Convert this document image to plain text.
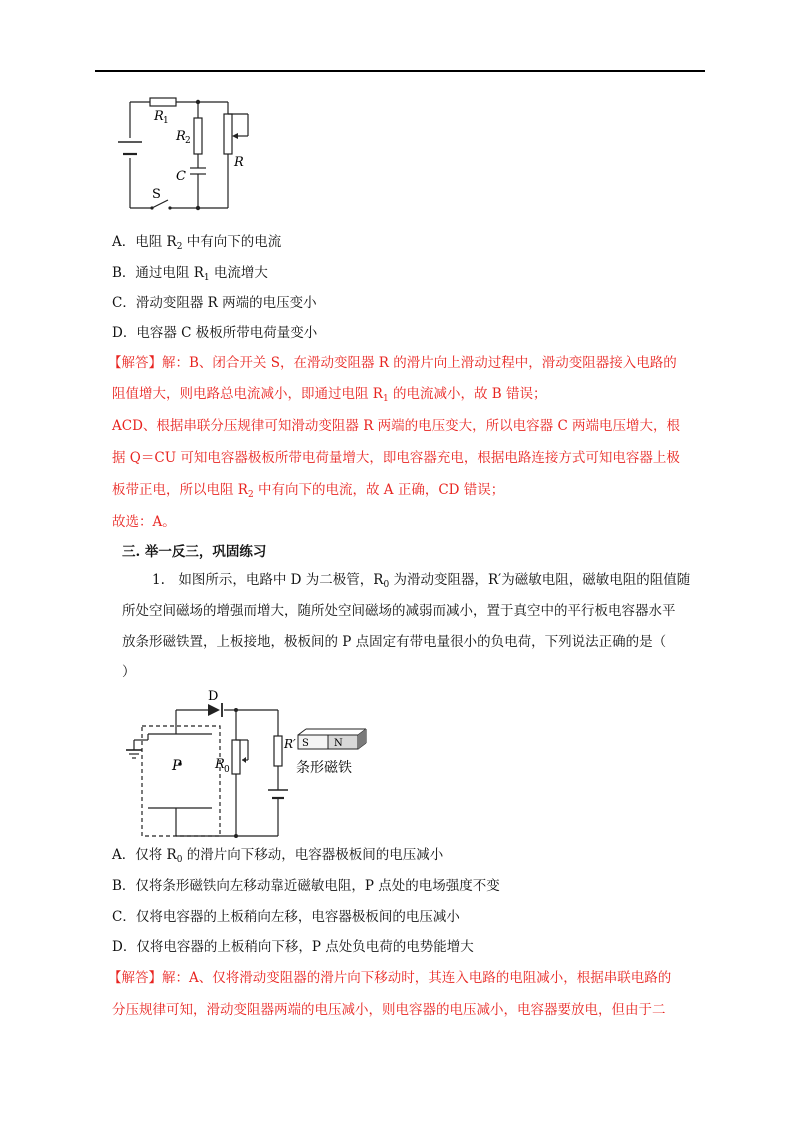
R 1
R 2
R
C
S
A．电阻 $R_2$ 中有向下的电流
B．通过电阻 $R_1$ 电流增大
C．滑动变阻器 R 两端的电压变小
D．电容器 C 极板所带电荷量变小
【解答】解：B、闭合开关 S，在滑动变阻器 R 的滑片向上滑动过程中，滑动变阻器接入电路的
阻值增大，则电路总电流减小，即通过电阻 $R_1$ 的电流减小，故 B 错误；
ACD、根据串联分压规律可知滑动变阻器 R 两端的电压变大，所以电容器 C 两端电压增大，根
据 Q＝CU 可知电容器极板所带电荷量增大，即电容器充电，根据电路连接方式可知电容器上极
板带正电，所以电阻 $R_2$ 中有向下的电流，故 A 正确，CD 错误；
故选：A。
三. 举一反三，巩固练习
1.　如图所示，电路中 D 为二极管，$R_0$ 为滑动变阻器，R′为磁敏电阻，磁敏电阻的阻值随
所处空间磁场的增强而增大，随所处空间磁场的减弱而减小，置于真空中的平行板电容器水平
放条形磁铁置，上板接地，极板间的 P 点固定有带电量很小的负电荷，下列说法正确的是（
）
S	N
D
P	R 0
R′
条形磁铁
A．仅将 $R_0$ 的滑片向下移动，电容器极板间的电压减小
B．仅将条形磁铁向左移动靠近磁敏电阻，P 点处的电场强度不变
C．仅将电容器的上板稍向左移，电容器极板间的电压减小
D．仅将电容器的上板稍向下移，P 点处负电荷的电势能增大
【解答】解：A、仅将滑动变阻器的滑片向下移动时，其连入电路的电阻减小，根据串联电路的
分压规律可知，滑动变阻器两端的电压减小，则电容器的电压减小，电容器要放电，但由于二
